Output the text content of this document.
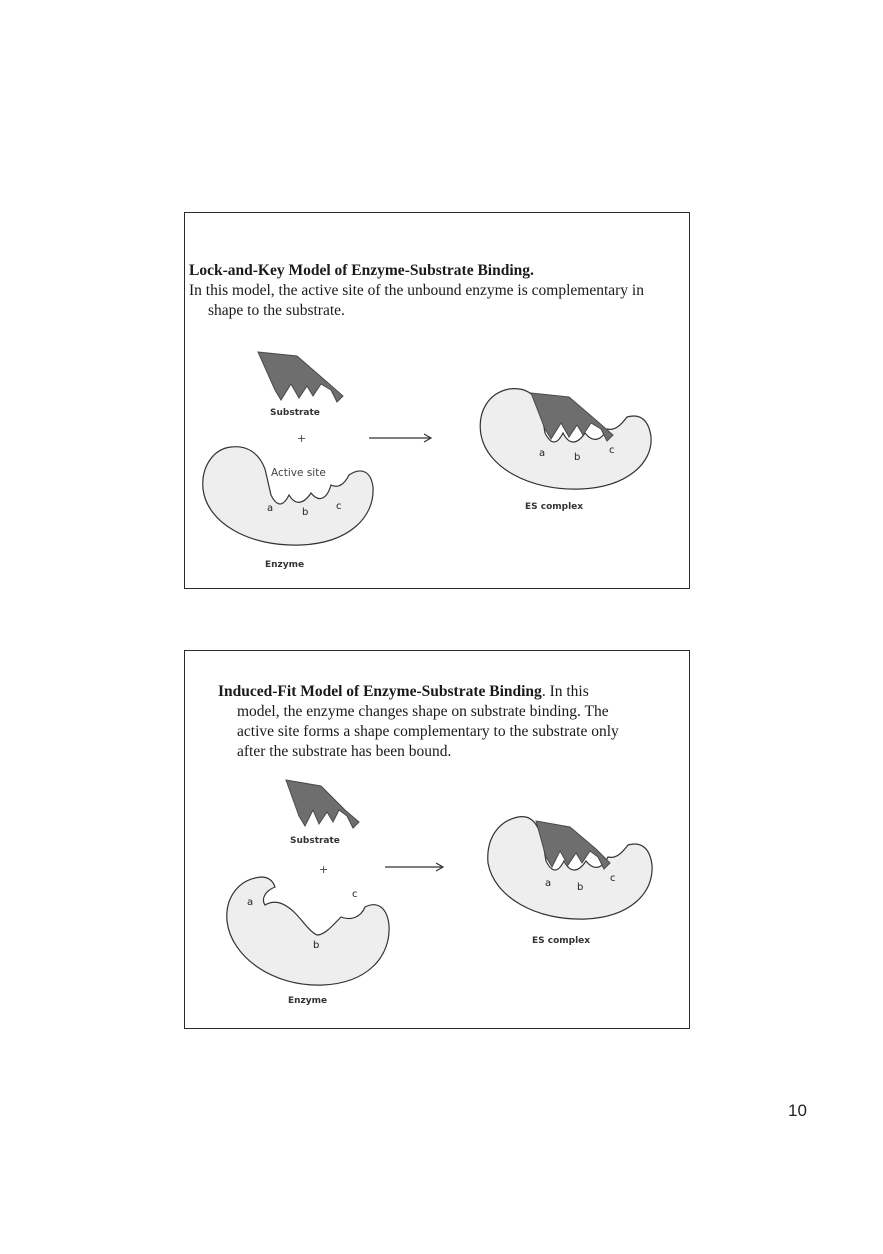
Lock-and-Key Model of Enzyme-Substrate Binding.
In this model, the active site of the unbound enzyme is complementary in
shape to the substrate.
Substrate
+
Active site
a	b
c
Enzyme
a	b
c
ES complex
Induced-Fit Model of Enzyme-Substrate Binding. In this
model, the enzyme changes shape on substrate binding. The
active site forms a shape complementary to the substrate only
after the substrate has been bound.
Substrate
+
a
b
c
Enzyme
a	b
c
ES complex
10
